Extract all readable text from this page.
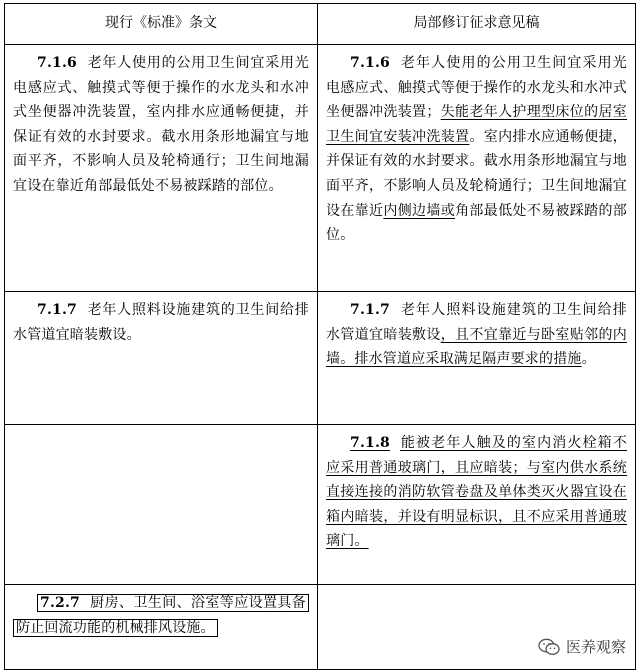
现行《标准》条文	局部修订征求意见稿
7.1.6 老年人使用的公用卫生间宜采用光电感应式、触摸式等便于操作的水龙头和水冲式坐便器冲洗装置，室内排水应通畅便捷，并保证有效的水封要求。截水用条形地漏宜与地面平齐，不影响人员及轮椅通行；卫生间地漏宜设在靠近角部最低处不易被踩踏的部位。
7.1.6 老年人使用的公用卫生间宜采用光电感应式、触摸式等便于操作的水龙头和水冲式坐便器冲洗装置；失能老年人护理型床位的居室卫生间宜安装冲洗装置。室内排水应通畅便捷，并保证有效的水封要求。截水用条形地漏宜与地面平齐，不影响人员及轮椅通行；卫生间地漏宜设在靠近内侧边墙或角部最低处不易被踩踏的部位。
7.1.7 老年人照料设施建筑的卫生间给排水管道宜暗装敷设。
7.1.7 老年人照料设施建筑的卫生间给排水管道宜暗装敷设，且不宜靠近与卧室贴邻的内墙。排水管道应采取满足隔声要求的措施。
7.1.8 能被老年人触及的室内消火栓箱不应采用普通玻璃门，且应暗装；与室内供水系统直接连接的消防软管卷盘及单体类灭火器宜设在箱内暗装，并设有明显标识，且不应采用普通玻璃门。
7.2.7 厨房、卫生间、浴室等应设置具备防止回流功能的机械排风设施。
医养观察
